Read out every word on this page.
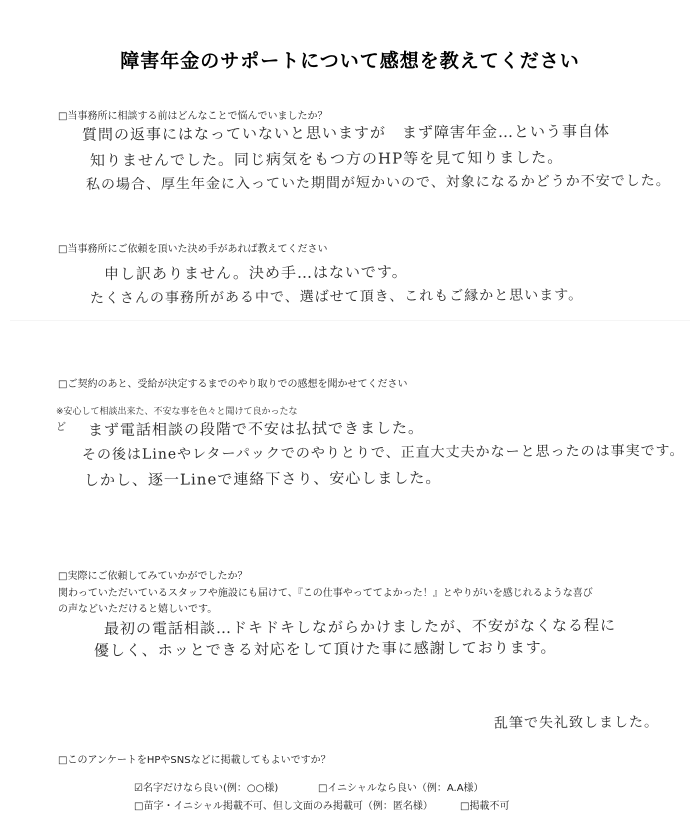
障害年金のサポートについて感想を教えてください
□当事務所に相談する前はどんなことで悩んでいましたか？
質問の返事にはなっていないと思いますが　まず障害年金…という事自体
知りませんでした。同じ病気をもつ方のHP等を見て知りました。
私の場合、厚生年金に入っていた期間が短かいので、対象になるかどうか不安でした。
□当事務所にご依頼を頂いた決め手があれば教えてください
申し訳ありません。決め手…はないです。
たくさんの事務所がある中で、選ばせて頂き、これもご縁かと思います。
□ご契約のあと、受給が決定するまでのやり取りでの感想を聞かせてください
※安心して相談出来た、不安な事を色々と聞けて良かったな
ど まず電話相談の段階で不安は払拭できました。
その後はLineやレターパックでのやりとりで、正直大丈夫かなーと思ったのは事実です。
しかし、逐一Lineで連絡下さり、安心しました。
□実際にご依頼してみていかがでしたか？
関わっていただいているスタッフや施設にも届けて、『この仕事やっててよかった！』とやりがいを感じれるような喜び
の声などいただけると嬉しいです。
最初の電話相談…ドキドキしながらかけましたが、不安がなくなる程に
優しく、ホッとできる対応をして頂けた事に感謝しております。
乱筆で失礼致しました。
□このアンケートをHPやSNSなどに掲載してもよいですか？
☑名字だけなら良い(例：○○様)	□イニシャルなら良い（例：A.A様）
□苗字・イニシャル掲載不可、但し文面のみ掲載可（例：匿名様）	□掲載不可
